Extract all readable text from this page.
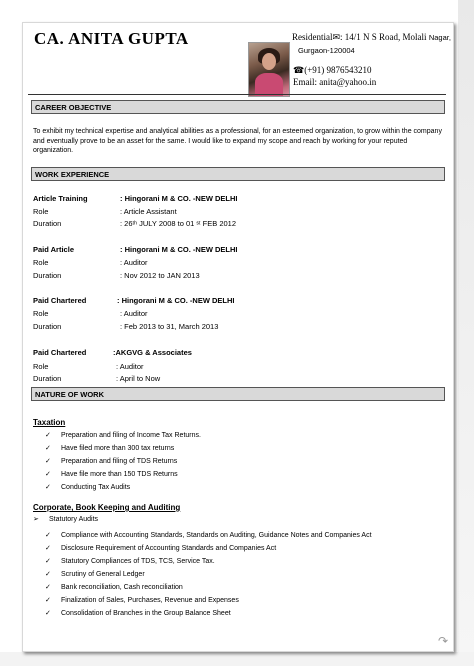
CA. ANITA GUPTA	Residential✉: 14/1 N S Road, Molali Nagar,
Gurgaon-120004
☎(+91) 9876543210
Email: anita@yahoo.in
CAREER OBJECTIVE
To exhibit my technical expertise and analytical abilities as a professional, for an esteemed organization, to grow within the company and eventually prove to be an asset for the same. I would like to expand my scope and reach by working for your reputed organization.
WORK EXPERIENCE
Article Training	: Hingorani M & CO. -NEW DELHI
Role	: Article Assistant
Duration	: 26ᵗʰ JULY 2008 to 01 ˢᵗ FEB 2012
Paid Article	: Hingorani M & CO. -NEW DELHI
Role	: Auditor
Duration	: Nov 2012 to JAN 2013
Paid Chartered	: Hingorani M & CO. -NEW DELHI
Role	: Auditor
Duration	: Feb 2013 to 31, March 2013
Paid Chartered	:AKGVG & Associates
Role	: Auditor
Duration	: April to Now
NATURE OF WORK
Taxation
✓ Preparation and filing of Income Tax Returns.
✓ Have filed more than 300 tax returns
✓ Preparation and filing of TDS Returns
✓ Have file more than 150 TDS Returns
✓ Conducting Tax Audits
Corporate, Book Keeping and Auditing
➢ Statutory Audits
✓ Compliance with Accounting Standards, Standards on Auditing, Guidance Notes and Companies Act
✓ Disclosure Requirement of Accounting Standards and Companies Act
✓ Statutory Compliances of TDS, TCS, Service Tax.
✓ Scrutiny of General Ledger
✓ Bank reconciliation, Cash reconciliation
✓ Finalization of Sales, Purchases, Revenue and Expenses
✓ Consolidation of Branches in the Group Balance Sheet
↷
